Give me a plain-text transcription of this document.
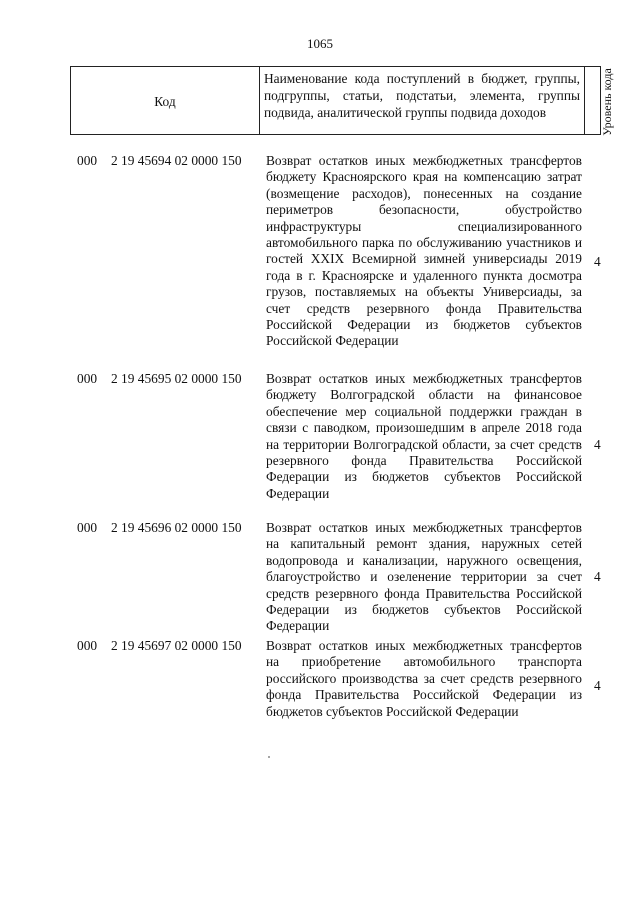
1065
Код
Наименование кода поступлений в бюджет, группы, подгруппы, статьи, подстатьи, элемента, группы подвида, аналитической группы подвида доходов	Уровень кода
000 2 19 45694 02 0000 150 Возврат остатков иных межбюджетных трансфертов бюджету Красноярского края на компенсацию затрат (возмещение расходов), понесенных на создание периметров безопасности, обустройство инфраструктуры специализированного автомобильного парка по обслуживанию участников и гостей XXIX Всемирной зимней универсиады 2019 года в г. Красноярске и удаленного пункта досмотра грузов, поставляемых на объекты Универсиады, за счет средств резервного фонда Правительства Российской Федерации из бюджетов субъектов Российской Федерации
4
000 2 19 45695 02 0000 150 Возврат остатков иных межбюджетных трансфертов бюджету Волгоградской области на финансовое обеспечение мер социальной поддержки граждан в связи с паводком, произошедшим в апреле 2018 года на территории Волгоградской области, за счет средств резервного фонда Правительства Российской Федерации из бюджетов субъектов Российской Федерации
4
000 2 19 45696 02 0000 150 Возврат остатков иных межбюджетных трансфертов на капитальный ремонт здания, наружных сетей водопровода и канализации, наружного освещения, благоустройство и озеленение территории за счет средств резервного фонда Правительства Российской Федерации из бюджетов субъектов Российской Федерации
4
000 2 19 45697 02 0000 150 Возврат остатков иных межбюджетных трансфертов на приобретение автомобильного транспорта российского производства за счет средств резервного фонда Правительства Российской Федерации из бюджетов субъектов Российской Федерации
4
